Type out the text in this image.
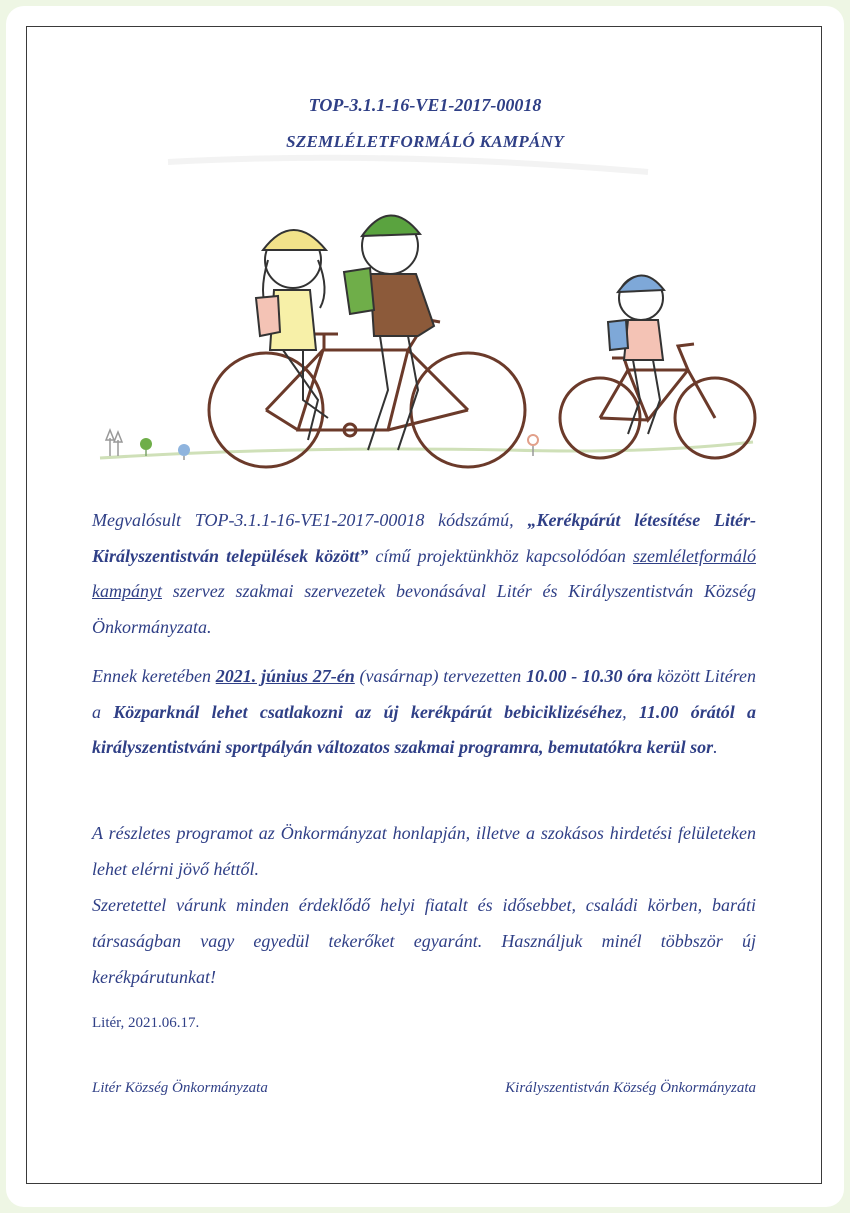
TOP-3.1.1-16-VE1-2017-00018
SZEMLÉLETFORMÁLÓ KAMPÁNY
Megvalósult TOP-3.1.1-16-VE1-2017-00018 kódszámú, „Kerékpárút létesítése Litér-Királyszentistván települések között” című projektünkhöz kapcsolódóan szemléletformáló kampányt szervez szakmai szervezetek bevonásával Litér és Királyszentistván Község Önkormányzata.
Ennek keretében 2021. június 27-én (vasárnap) tervezetten 10.00 - 10.30 óra között Litéren a Közparknál lehet csatlakozni az új kerékpárút bebiciklizéséhez, 11.00 órától a királyszentistváni sportpályán változatos szakmai programra, bemutatókra kerül sor.
A részletes programot az Önkormányzat honlapján, illetve a szokásos hirdetési felületeken lehet elérni jövő héttől.
Szeretettel várunk minden érdeklődő helyi fiatalt és idősebbet, családi körben, baráti társaságban vagy egyedül tekerőket egyaránt. Használjuk minél többször új kerékpárutunkat!
Litér, 2021.06.17.
Litér Község Önkormányzata	Királyszentistván Község Önkormányzata
